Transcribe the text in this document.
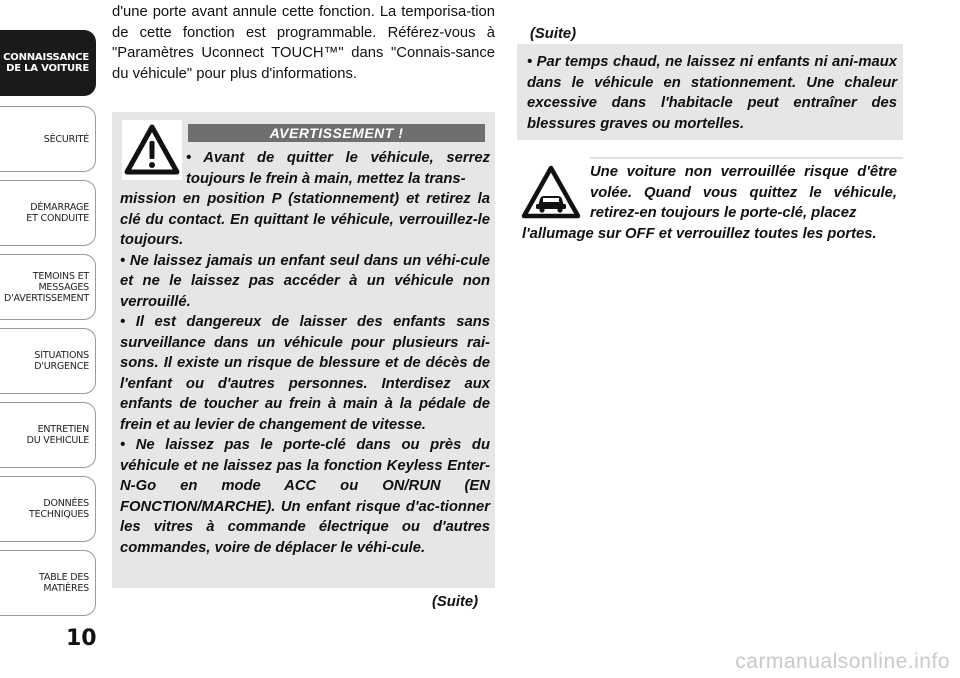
CONNAISSANCE
DE LA VOITURE
SÉCURITÉ
DÉMARRAGE
ET CONDUITE
TEMOINS ET
MESSAGES
D'AVERTISSEMENT
SITUATIONS
D'URGENCE
ENTRETIEN
DU VEHICULE
DONNÉES
TECHNIQUES
TABLE DES
MATIÈRES
10

d'une porte avant annule cette fonction. La temporisa-tion de cette fonction est programmable. Référez-vous à "Paramètres Uconnect TOUCH™" dans "Connais-sance du véhicule" pour plus d'informations.

AVERTISSEMENT !

• Avant de quitter le véhicule, serrez toujours le frein à main, mettez la trans-

mission en position P (stationnement) et retirez la clé du contact. En quittant le véhicule, verrouillez-le toujours.

• Ne laissez jamais un enfant seul dans un véhi-cule et ne le laissez pas accéder à un véhicule non verrouillé.

• Il est dangereux de laisser des enfants sans surveillance dans un véhicule pour plusieurs rai-sons. Il existe un risque de blessure et de décès de l'enfant ou d'autres personnes. Interdisez aux enfants de toucher au frein à main à la pédale de frein et au levier de changement de vitesse.

• Ne laissez pas le porte-clé dans ou près du véhicule et ne laissez pas la fonction Keyless Enter-N-Go en mode ACC ou ON/RUN (EN FONCTION/MARCHE). Un enfant risque d'ac-tionner les vitres à commande électrique ou d'autres commandes, voire de déplacer le véhi-cule.

(Suite)
(Suite)

• Par temps chaud, ne laissez ni enfants ni ani-maux dans le véhicule en stationnement. Une chaleur excessive dans l'habitacle peut entraîner des blessures graves ou mortelles.

Une voiture non verrouillée risque d'être volée. Quand vous quittez le véhicule, retirez-en toujours le porte-clé, placez

l'allumage sur OFF et verrouillez toutes les portes.

carmanualsonline.info
